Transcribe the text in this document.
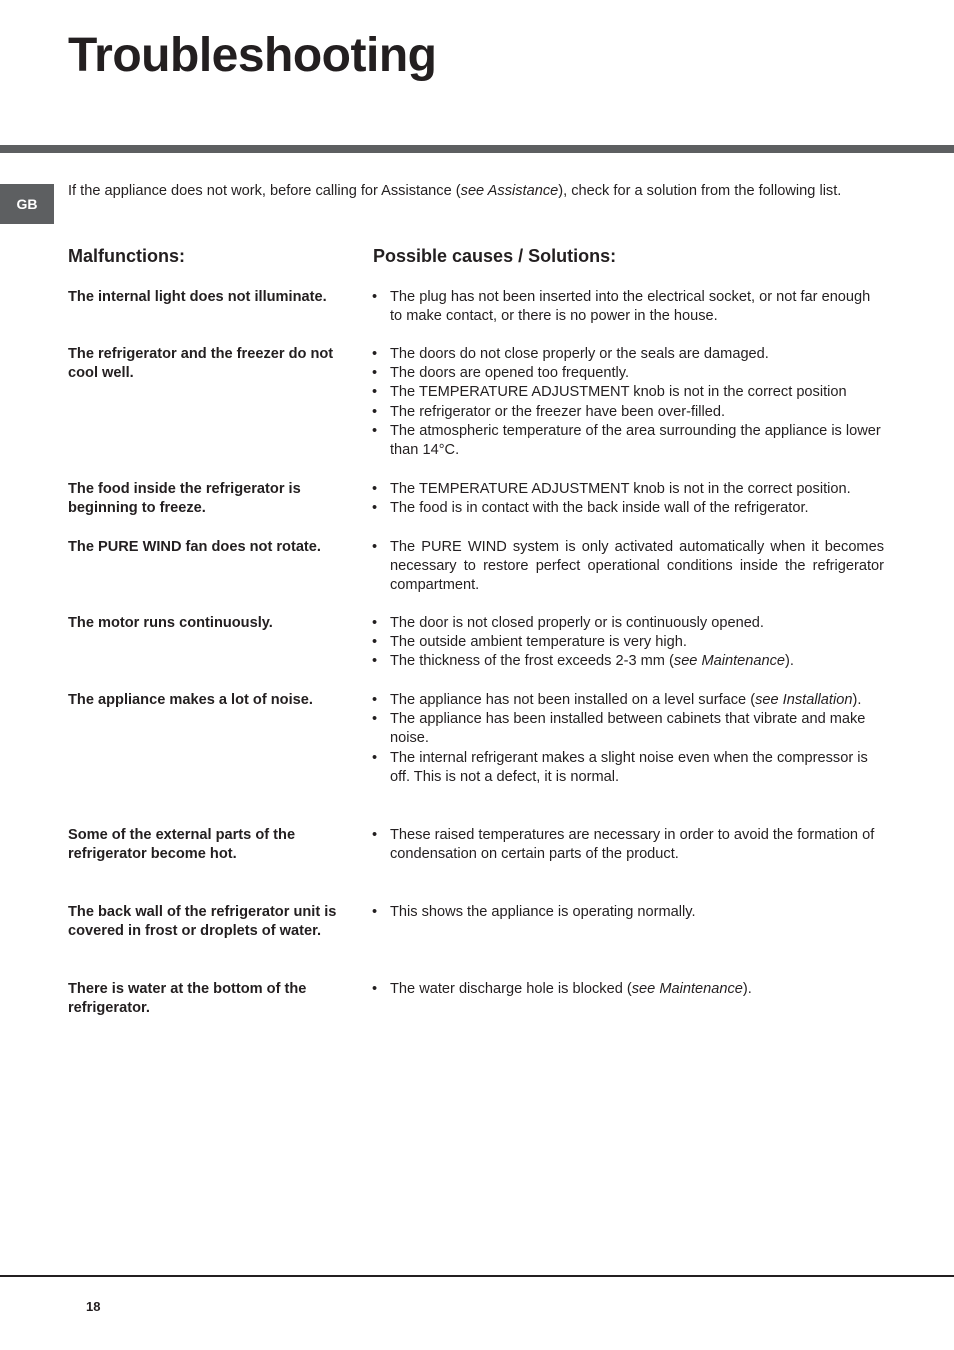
Troubleshooting
GB

If the appliance does not work, before calling for Assistance (see Assistance), check for a solution from the following list.

Malfunctions:	Possible causes / Solutions:
The internal light does not illuminate.	• The plug has not been inserted into the electrical socket, or not far enough to make contact, or there is no power in the house.
The refrigerator and the freezer do not cool well.
• The doors do not close properly or the seals are damaged.
• The doors are opened too frequently.
• The TEMPERATURE ADJUSTMENT knob is not in the correct position
• The refrigerator or the freezer have been over-filled.
• The atmospheric temperature of the area surrounding the appliance is lower than 14°C.
The food inside the refrigerator is beginning to freeze.
• The TEMPERATURE ADJUSTMENT knob is not in the correct position.
• The food is in contact with the back inside wall of the refrigerator.
The PURE WIND fan does not rotate.	• The PURE WIND system is only activated automatically when it becomes necessary to restore perfect operational conditions inside the refrigerator compartment.
The motor runs continuously.	• The door is not closed properly or is continuously opened.
• The outside ambient temperature is very high.
• The thickness of the frost exceeds 2-3 mm (see Maintenance).
The appliance makes a lot of noise.	• The appliance has not been installed on a level surface (see Installation).
• The appliance has been installed between cabinets that vibrate and make noise.
• The internal refrigerant makes a slight noise even when the compressor is off. This is not a defect, it is normal.
Some of the external parts of the refrigerator become hot.
• These raised temperatures are necessary in order to avoid the formation of condensation on certain parts of the product.
The back wall of the refrigerator unit is covered in frost or droplets of water.
• This shows the appliance is operating normally.
There is water at the bottom of the refrigerator.
• The water discharge hole is blocked (see Maintenance).
18
